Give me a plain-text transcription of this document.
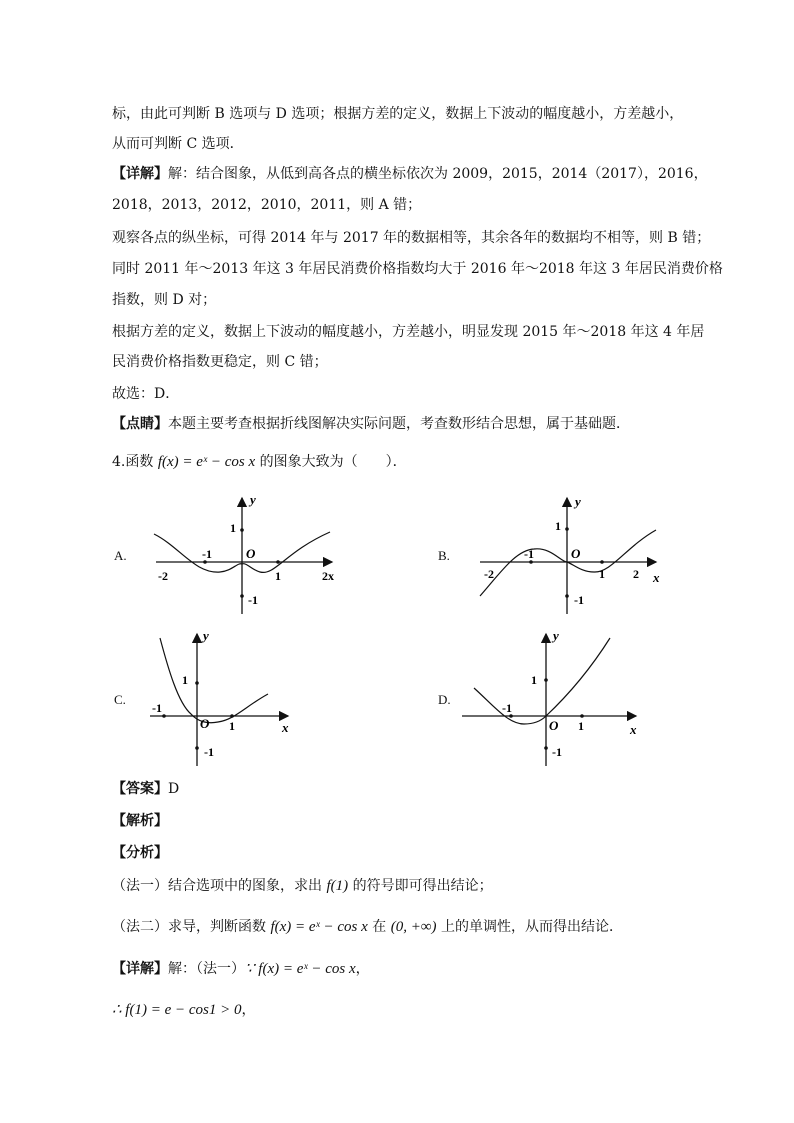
标，由此可判断 B 选项与 D 选项；根据方差的定义，数据上下波动的幅度越小，方差越小，
从而可判断 C 选项．
【详解】解：结合图象，从低到高各点的横坐标依次为 2009，2015，2014（2017），2016，
2018，2013，2012，2010，2011，则 A 错；
观察各点的纵坐标，可得 2014 年与 2017 年的数据相等，其余各年的数据均不相等，则 B 错；
同时 2011 年～2013 年这 3 年居民消费价格指数均大于 2016 年～2018 年这 3 年居民消费价格
指数，则 D 对；
根据方差的定义，数据上下波动的幅度越小，方差越小，明显发现 2015 年～2018 年这 4 年居
民消费价格指数更稳定，则 C 错；
故选：D．
【点睛】本题主要考查根据折线图解决实际问题，考查数形结合思想，属于基础题．
4.函数 f(x) = eˣ − cos x 的图象大致为（　　）．
A.	B.
C.	D.
y
1
-1	O
-2	1	2x
-1
y
1
-1	O
-2	1 2 x
-1
y
1
-1
O 1	x
-1
y
1
-1
O 1	x
-1
【答案】D
【解析】
【分析】
（法一）结合选项中的图象，求出 f(1) 的符号即可得出结论；
（法二）求导，判断函数 f(x) = eˣ − cos x 在 (0, +∞) 上的单调性，从而得出结论．
【详解】解：（法一）∵ f(x) = eˣ − cos x，
∴ f(1) = e − cos1 > 0，
